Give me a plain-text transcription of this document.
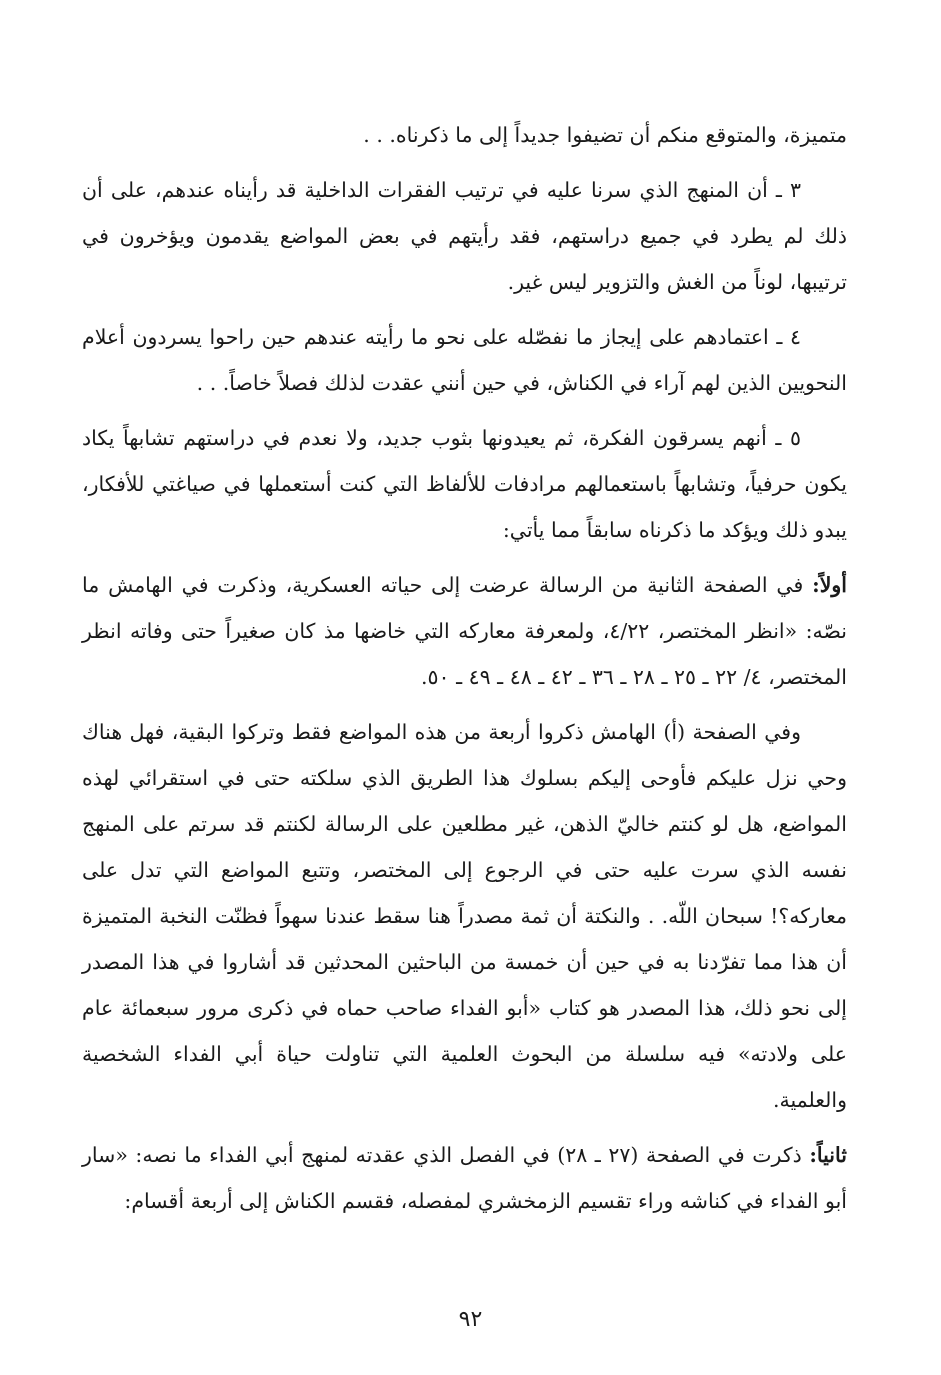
متميزة، والمتوقع منكم أن تضيفوا جديداً إلى ما ذكرناه. . .

٣ ـ أن المنهج الذي سرنا عليه في ترتيب الفقرات الداخلية قد رأيناه عندهم، على أن ذلك لم يطرد في جميع دراستهم، فقد رأيتهم في بعض المواضع يقدمون ويؤخرون في ترتيبها، لوناً من الغش والتزوير ليس غير.

٤ ـ اعتمادهم على إيجاز ما نفصّله على نحو ما رأيته عندهم حين راحوا يسردون أعلام النحويين الذين لهم آراء في الكناش، في حين أنني عقدت لذلك فصلاً خاصاً. . .

٥ ـ أنهم يسرقون الفكرة، ثم يعيدونها بثوب جديد، ولا نعدم في دراستهم تشابهاً يكاد يكون حرفياً، وتشابهاً باستعمالهم مرادفات للألفاظ التي كنت أستعملها في صياغتي للأفكار، يبدو ذلك ويؤكد ما ذكرناه سابقاً مما يأتي:

أولاً: في الصفحة الثانية من الرسالة عرضت إلى حياته العسكرية، وذكرت في الهامش ما نصّه: «انظر المختصر، ٤/٢٢، ولمعرفة معاركه التي خاضها مذ كان صغيراً حتى وفاته انظر المختصر، ٤/ ٢٢ ـ ٢٥ ـ ٢٨ ـ ٣٦ ـ ٤٢ ـ ٤٨ ـ ٤٩ ـ ٥٠.

وفي الصفحة (أ) الهامش ذكروا أربعة من هذه المواضع فقط وتركوا البقية، فهل هناك وحي نزل عليكم فأوحى إليكم بسلوك هذا الطريق الذي سلكته حتى في استقرائي لهذه المواضع، هل لو كنتم خاليّ الذهن، غير مطلعين على الرسالة لكنتم قد سرتم على المنهج نفسه الذي سرت عليه حتى في الرجوع إلى المختصر، وتتبع المواضع التي تدل على معاركه؟! سبحان اللّه. . والنكتة أن ثمة مصدراً هنا سقط عندنا سهواً فظنّت النخبة المتميزة أن هذا مما تفرّدنا به في حين أن خمسة من الباحثين المحدثين قد أشاروا في هذا المصدر إلى نحو ذلك، هذا المصدر هو كتاب «أبو الفداء صاحب حماه في ذكرى مرور سبعمائة عام على ولادته» فيه سلسلة من البحوث العلمية التي تناولت حياة أبي الفداء الشخصية والعلمية.

ثانياً: ذكرت في الصفحة (٢٧ ـ ٢٨) في الفصل الذي عقدته لمنهج أبي الفداء ما نصه: «سار أبو الفداء في كناشه وراء تقسيم الزمخشري لمفصله، فقسم الكناش إلى أربعة أقسام:

٩٢
